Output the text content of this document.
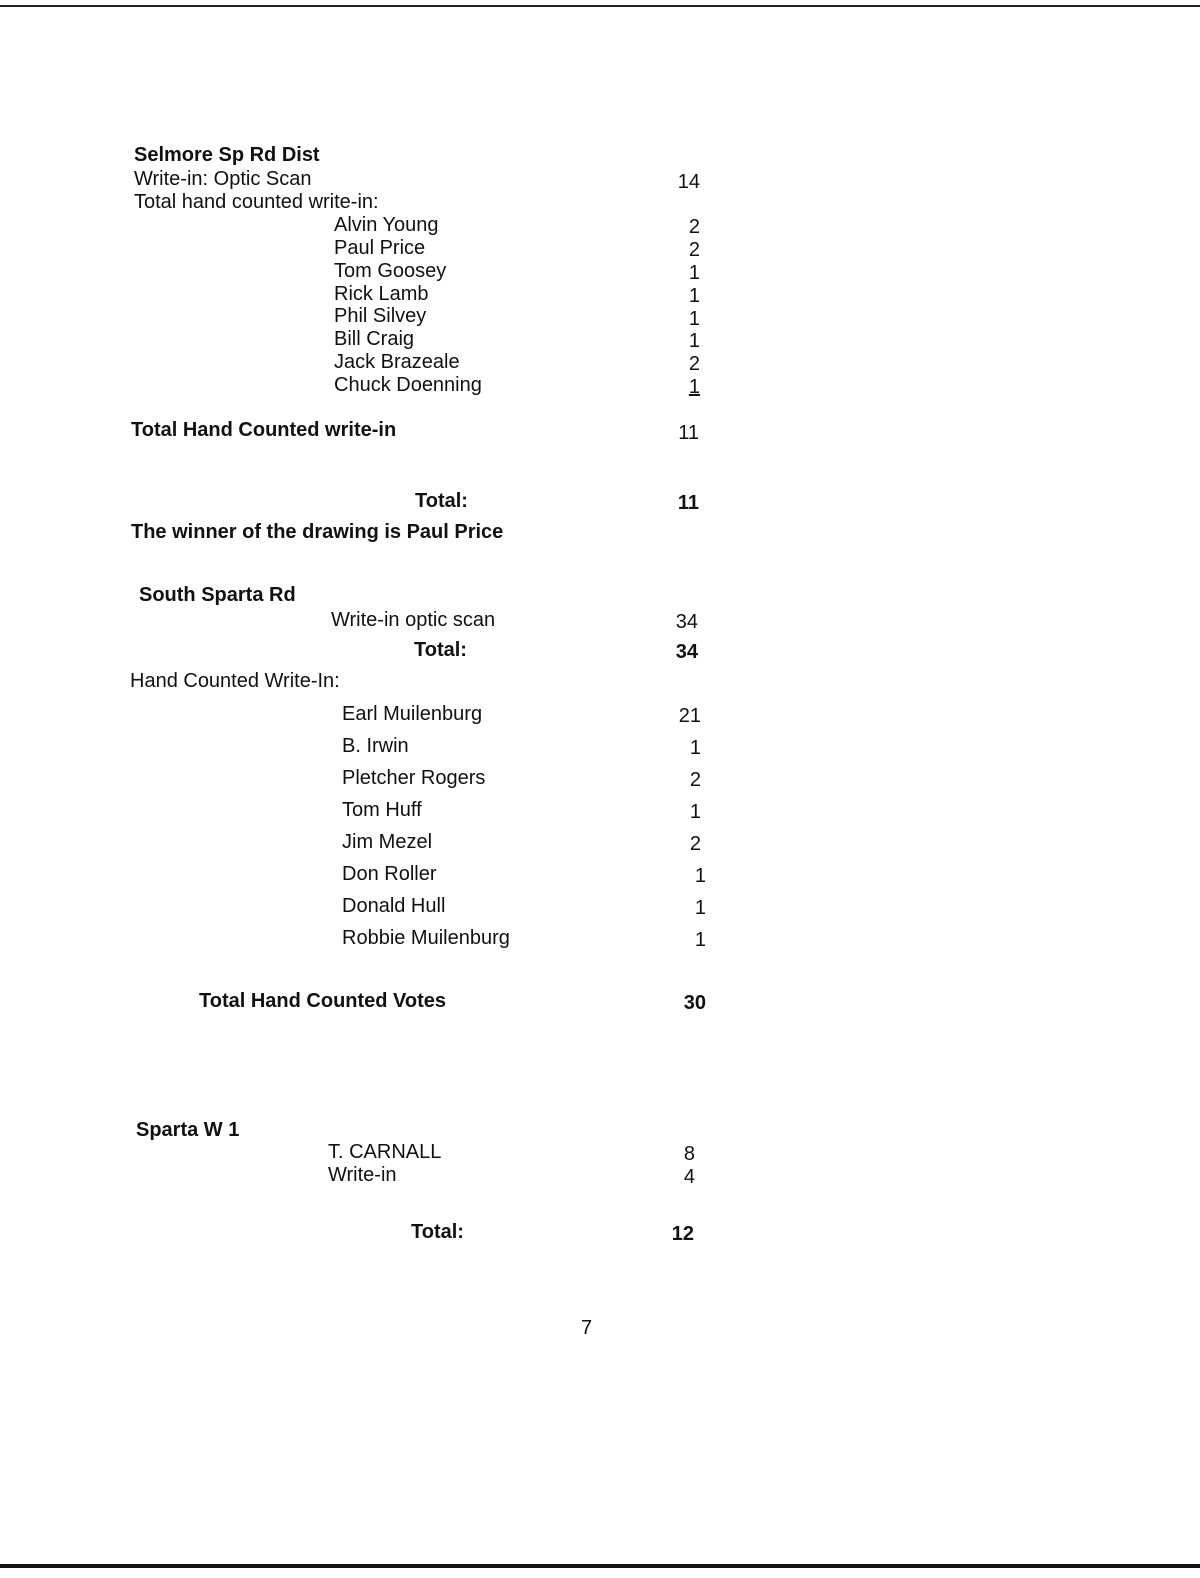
Selmore Sp Rd Dist
Write-in: Optic Scan	14
Total hand counted write-in:
Alvin Young	2
Paul Price	2
Tom Goosey	1
Rick Lamb	1
Phil Silvey	1
Bill Craig	1
Jack Brazeale	2
Chuck Doenning	1
Total Hand Counted write-in	11
Total:	11
The winner of the drawing is Paul Price
South Sparta Rd
Write-in optic scan	34
Total:	34
Hand Counted Write-In:
Earl Muilenburg	21
B. Irwin	1
Pletcher Rogers	2
Tom Huff	1
Jim Mezel	2
Don Roller	1
Donald Hull	1
Robbie Muilenburg	1
Total Hand Counted Votes	30
Sparta W 1
T. CARNALL	8
Write-in	4
Total:	12
7
